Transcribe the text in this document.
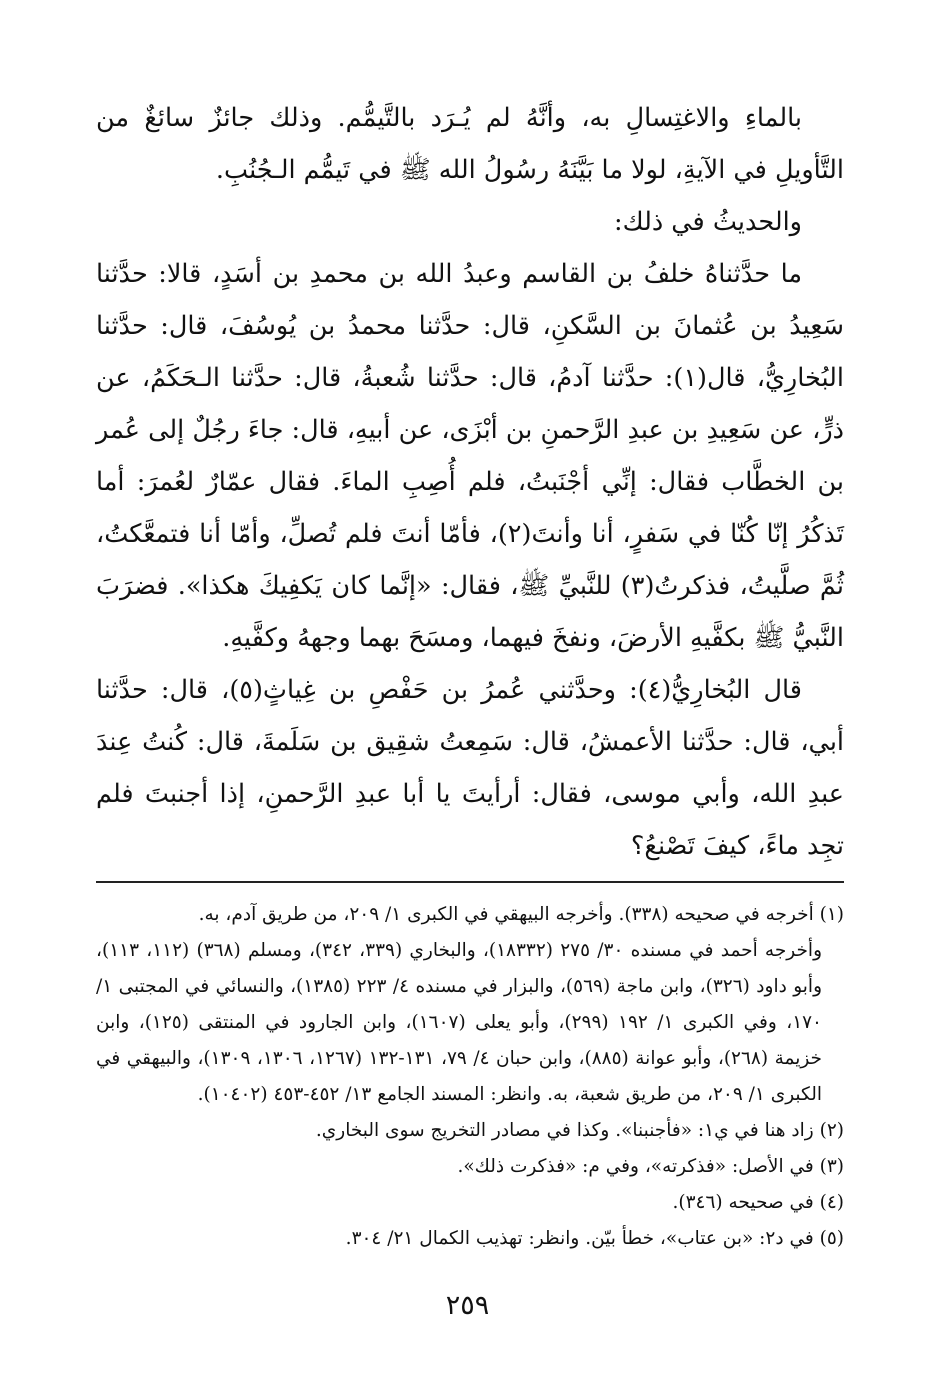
بالماءِ والاغتِسالِ به، وأنَّهُ لم يُـرَد بالتَّيمُّم. وذلك جائزٌ سائغٌ من التَّأويلِ في الآيةِ، لولا ما بَيَّنَهُ رسُولُ الله ﷺ في تَيمُّم الـجُنُبِ.

والحديثُ في ذلك:

ما حدَّثناهُ خلفُ بن القاسم وعبدُ الله بن محمدِ بن أسَدٍ، قالا: حدَّثنا سَعِيدُ بن عُثمانَ بن السَّكنِ، قال: حدَّثنا محمدُ بن يُوسُفَ، قال: حدَّثنا البُخارِيُّ، قال(١): حدَّثنا آدمُ، قال: حدَّثنا شُعبةُ، قال: حدَّثنا الـحَكَمُ، عن ذرٍّ، عن سَعِيدِ بن عبدِ الرَّحمنِ بن أبْزَى، عن أبيهِ، قال: جاءَ رجُلٌ إلى عُمر بن الخطَّاب فقال: إنِّي أجْنَبتُ، فلم أُصِبِ الماءَ. فقال عمّارٌ لعُمرَ: أما تَذكُرُ إنّا كُنّا في سَفرٍ، أنا وأنتَ(٢)، فأمّا أنتَ فلم تُصلِّ، وأمّا أنا فتمعَّكتُ، ثُمَّ صلَّيتُ، فذكرتُ(٣) للنَّبيِّ ﷺ، فقال: «إنَّما كان يَكفِيكَ هكذا». فضرَبَ النَّبيُّ ﷺ بكفَّيهِ الأرضَ، ونفخَ فيهما، ومسَحَ بهما وجههُ وكفَّيهِ.

قال البُخارِيُّ(٤): وحدَّثني عُمرُ بن حَفْصِ بن غِياثٍ(٥)، قال: حدَّثنا أبي، قال: حدَّثنا الأعمشُ، قال: سَمِعتُ شقِيق بن سَلَمةَ، قال: كُنتُ عِندَ عبدِ الله، وأبي موسى، فقال: أرأيتَ يا أبا عبدِ الرَّحمنِ، إذا أجنبتَ فلم تجِد ماءً، كيفَ تَصْنعُ؟

(١) أخرجه في صحيحه (٣٣٨). وأخرجه البيهقي في الكبرى ١/ ٢٠٩، من طريق آدم، به.

وأخرجه أحمد في مسنده ٣٠/ ٢٧٥ (١٨٣٣٢)، والبخاري (٣٣٩، ٣٤٢)، ومسلم (٣٦٨) (١١٢، ١١٣)، وأبو داود (٣٢٦)، وابن ماجة (٥٦٩)، والبزار في مسنده ٤/ ٢٢٣ (١٣٨٥)، والنسائي في المجتبى ١/ ١٧٠، وفي الكبرى ١/ ١٩٢ (٢٩٩)، وأبو يعلى (١٦٠٧)، وابن الجارود في المنتقى (١٢٥)، وابن خزيمة (٢٦٨)، وأبو عوانة (٨٨٥)، وابن حبان ٤/ ٧٩، ١٣١-١٣٢ (١٢٦٧، ١٣٠٦، ١٣٠٩)، والبيهقي في الكبرى ١/ ٢٠٩، من طريق شعبة، به. وانظر: المسند الجامع ١٣/ ٤٥٢-٤٥٣ (١٠٤٠٢).

(٢) زاد هنا في ي١: «فأجنبنا». وكذا في مصادر التخريج سوى البخاري.

(٣) في الأصل: «فذكرته»، وفي م: «فذكرت ذلك».

(٤) في صحيحه (٣٤٦).

(٥) في د٢: «بن عتاب»، خطأ بيّن. وانظر: تهذيب الكمال ٢١/ ٣٠٤.

٢٥٩
